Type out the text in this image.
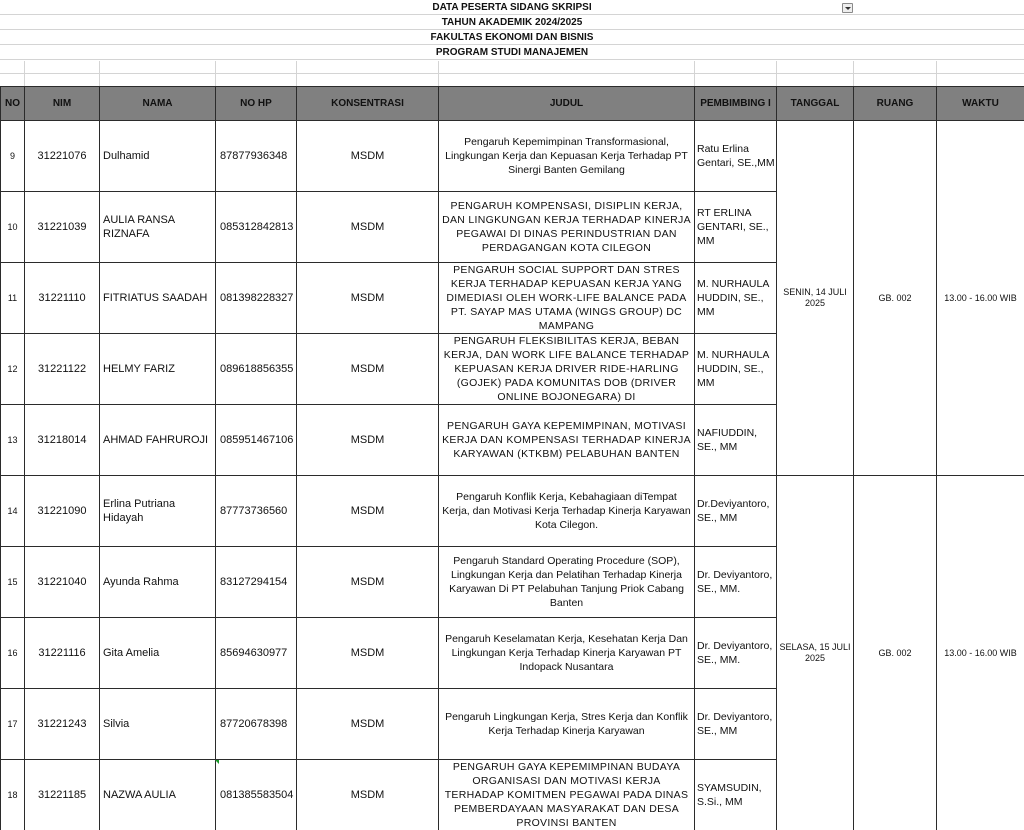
DATA PESERTA SIDANG SKRIPSI
TAHUN AKADEMIK 2024/2025
FAKULTAS EKONOMI DAN BISNIS
PROGRAM STUDI MANAJEMEN
NO	NIM	NAMA	NO HP	KONSENTRASI	JUDUL	PEMBIMBING I	TANGGAL	RUANG	WAKTU
9	31221076	Dulhamid	87877936348	MSDM	Pengaruh Kepemimpinan Transformasional, Lingkungan Kerja dan Kepuasan Kerja Terhadap PT Sinergi Banten Gemilang	Ratu Erlina Gentari, SE.,MM	SENIN, 14 JULI 2025	GB. 002	13.00 - 16.00 WIB
10	31221039	AULIA RANSA RIZNAFA	085312842813	MSDM	PENGARUH KOMPENSASI, DISIPLIN KERJA, DAN LINGKUNGAN KERJA TERHADAP KINERJA PEGAWAI DI DINAS PERINDUSTRIAN DAN PERDAGANGAN KOTA CILEGON	RT ERLINA GENTARI, SE., MM			
11	31221110	FITRIATUS SAADAH	081398228327	MSDM	PENGARUH SOCIAL SUPPORT DAN STRES KERJA TERHADAP KEPUASAN KERJA YANG DIMEDIASI OLEH WORK-LIFE BALANCE PADA PT. SAYAP MAS UTAMA (WINGS GROUP) DC MAMPANG	M. NURHAULA HUDDIN, SE., MM			
12	31221122	HELMY FARIZ	089618856355	MSDM	PENGARUH FLEKSIBILITAS KERJA, BEBAN KERJA, DAN WORK LIFE BALANCE TERHADAP KEPUASAN KERJA DRIVER RIDE-HARLING (GOJEK) PADA KOMUNITAS DOB (DRIVER ONLINE BOJONEGARA) DI	M. NURHAULA HUDDIN, SE., MM			
13	31218014	AHMAD FAHRUROJI	085951467106	MSDM	PENGARUH GAYA KEPEMIMPINAN, MOTIVASI KERJA DAN KOMPENSASI TERHADAP KINERJA KARYAWAN (KTKBM) PELABUHAN BANTEN	NAFIUDDIN, SE., MM			
14	31221090	Erlina Putriana Hidayah	87773736560	MSDM	Pengaruh Konflik Kerja, Kebahagiaan diTempat Kerja, dan Motivasi Kerja Terhadap Kinerja Karyawan Kota Cilegon.	Dr.Deviyantoro, SE., MM	SELASA, 15 JULI 2025	GB. 002	13.00 - 16.00 WIB
15	31221040	Ayunda Rahma	83127294154	MSDM	Pengaruh Standard Operating Procedure (SOP), Lingkungan Kerja dan Pelatihan Terhadap Kinerja Karyawan Di PT Pelabuhan Tanjung Priok Cabang Banten	Dr. Deviyantoro, SE., MM.			
16	31221116	Gita Amelia	85694630977	MSDM	Pengaruh Keselamatan Kerja, Kesehatan Kerja Dan Lingkungan Kerja Terhadap Kinerja Karyawan PT Indopack Nusantara	Dr. Deviyantoro, SE., MM.			
17	31221243	Silvia	87720678398	MSDM	Pengaruh Lingkungan Kerja, Stres Kerja dan Konflik Kerja Terhadap Kinerja Karyawan	Dr. Deviyantoro, SE., MM			
18	31221185	NAZWA AULIA	081385583504	MSDM	PENGARUH GAYA KEPEMIMPINAN BUDAYA ORGANISASI DAN MOTIVASI KERJA TERHADAP KOMITMEN PEGAWAI PADA DINAS PEMBERDAYAAN MASYARAKAT DAN DESA PROVINSI BANTEN	SYAMSUDIN, S.Si., MM			
